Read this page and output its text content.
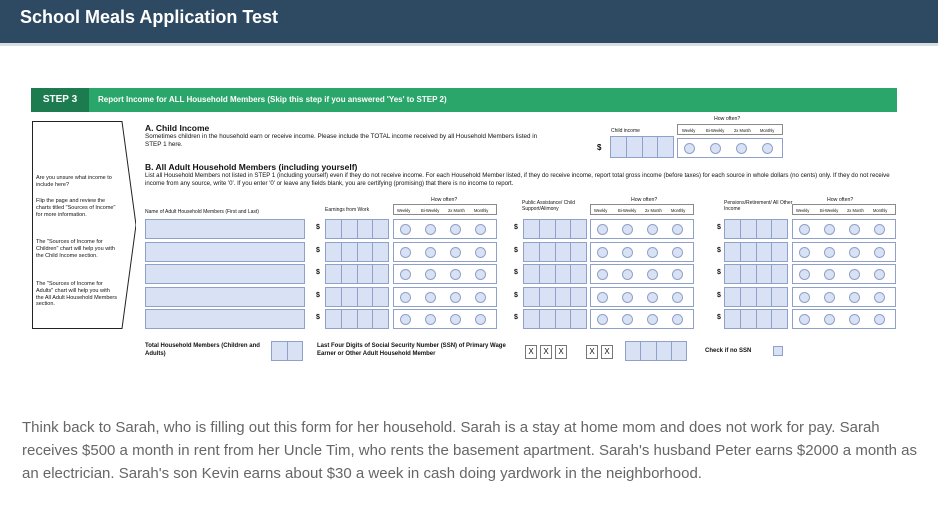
School Meals Application Test
STEP 3	Report Income for ALL Household Members (Skip this step if you answered 'Yes' to STEP 2)
Are you unsure what income to include here?
Flip the page and review the charts titled "Sources of Income" for more information.
The "Sources of Income for Children" chart will help you with the Child Income section.
The "Sources of Income for Adults" chart will help you with the All Adult Household Members section.
A. Child Income
Sometimes children in the household earn or receive income. Please include the TOTAL income received by all Household Members listed in STEP 1 here.
Child income
$
How often?
Weekly	Bi-Weekly 2x Month Monthly
B. All Adult Household Members (including yourself)
List all Household Members not listed in STEP 1 (including yourself) even if they do not receive income. For each Household Member listed, if they do receive income, report total gross income (before taxes) for each source in whole dollars (no cents) only. If they do not receive income from any source, write '0'. If you enter '0' or leave any fields blank, you are certifying (promising) that there is no income to report.
Name of Adult Household Members (First and Last)	Earnings from Work
Public Assistance/ Child Support/Alimony
Pensions/Retirement/ All Other Income
How often?	How often?	How often?
Weekly	Bi-Weekly 2x Month Monthly	Weekly	Bi-Weekly 2x Month Monthly	Weekly	Bi-Weekly 2x Month Monthly
$	$	$
$	$	$
$	$	$
$	$	$
$	$	$
Total Household Members (Children and Adults)
Last Four Digits of Social Security Number (SSN) of Primary Wage Earner or Other Adult Household Member	X	X	X	X	X	Check if no SSN
Think back to Sarah, who is filling out this form for her household. Sarah is a stay at home mom and does not work for pay. Sarah receives $500 a month in rent from her Uncle Tim, who rents the basement apartment. Sarah's husband Peter earns $2000 a month as an electrician. Sarah's son Kevin earns about $30 a week in cash doing yardwork in the neighborhood.
